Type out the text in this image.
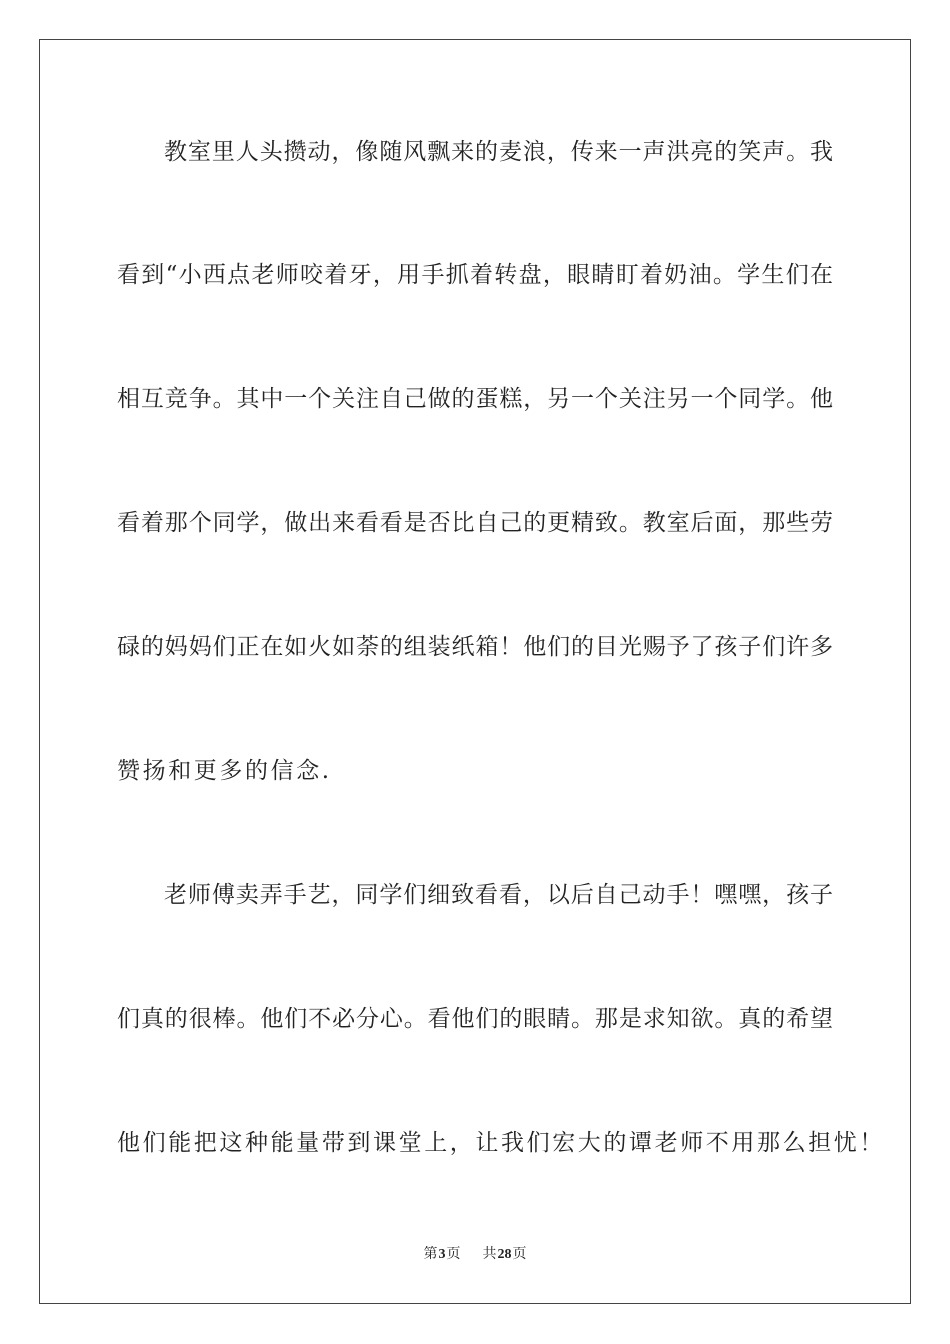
教室里人头攒动，像随风飘来的麦浪，传来一声洪亮的笑声。我
看到“小西点老师咬着牙，用手抓着转盘，眼睛盯着奶油。学生们在
相互竞争。其中一个关注自己做的蛋糕，另一个关注另一个同学。他
看着那个同学，做出来看看是否比自己的更精致。教室后面，那些劳
碌的妈妈们正在如火如荼的组装纸箱！他们的目光赐予了孩子们许多
赞扬和更多的信念.
老师傅卖弄手艺，同学们细致看看，以后自己动手！嘿嘿，孩子
们真的很棒。他们不必分心。看他们的眼睛。那是求知欲。真的希望
他们能把这种能量带到课堂上，让我们宏大的谭老师不用那么担忧！
第3页 共28页
